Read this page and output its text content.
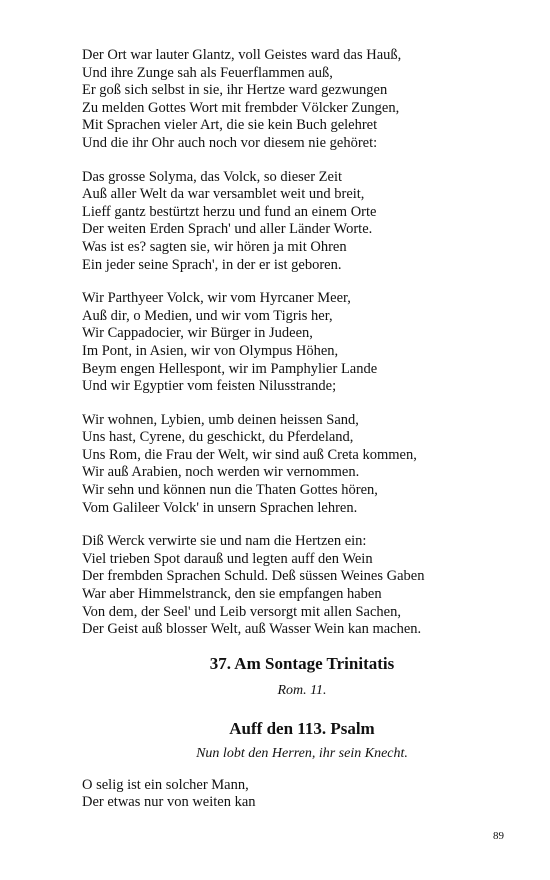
Der Ort war lauter Glantz, voll Geistes ward das Hauß,
Und ihre Zunge sah als Feuerflammen auß,
Er goß sich selbst in sie, ihr Hertze ward gezwungen
Zu melden Gottes Wort mit frembder Völcker Zungen,
Mit Sprachen vieler Art, die sie kein Buch gelehret
Und die ihr Ohr auch noch vor diesem nie gehöret:
Das grosse Solyma, das Volck, so dieser Zeit
Auß aller Welt da war versamblet weit und breit,
Lieff gantz bestürtzt herzu und fund an einem Orte
Der weiten Erden Sprach' und aller Länder Worte.
Was ist es? sagten sie, wir hören ja mit Ohren
Ein jeder seine Sprach', in der er ist geboren.
Wir Parthyeer Volck, wir vom Hyrcaner Meer,
Auß dir, o Medien, und wir vom Tigris her,
Wir Cappadocier, wir Bürger in Judeen,
Im Pont, in Asien, wir von Olympus Höhen,
Beym engen Hellespont, wir im Pamphylier Lande
Und wir Egyptier vom feisten Nilusstrande;
Wir wohnen, Lybien, umb deinen heissen Sand,
Uns hast, Cyrene, du geschickt, du Pferdeland,
Uns Rom, die Frau der Welt, wir sind auß Creta kommen,
Wir auß Arabien, noch werden wir vernommen.
Wir sehn und können nun die Thaten Gottes hören,
Vom Galileer Volck' in unsern Sprachen lehren.
Diß Werck verwirte sie und nam die Hertzen ein:
Viel trieben Spot darauß und legten auff den Wein
Der frembden Sprachen Schuld. Deß süssen Weines Gaben
War aber Himmelstranck, den sie empfangen haben
Von dem, der Seel' und Leib versorgt mit allen Sachen,
Der Geist auß blosser Welt, auß Wasser Wein kan machen.
37. Am Sontage Trinitatis
Rom. 11.
Auff den 113. Psalm
Nun lobt den Herren, ihr sein Knecht.
O selig ist ein solcher Mann,
Der etwas nur von weiten kan
89
